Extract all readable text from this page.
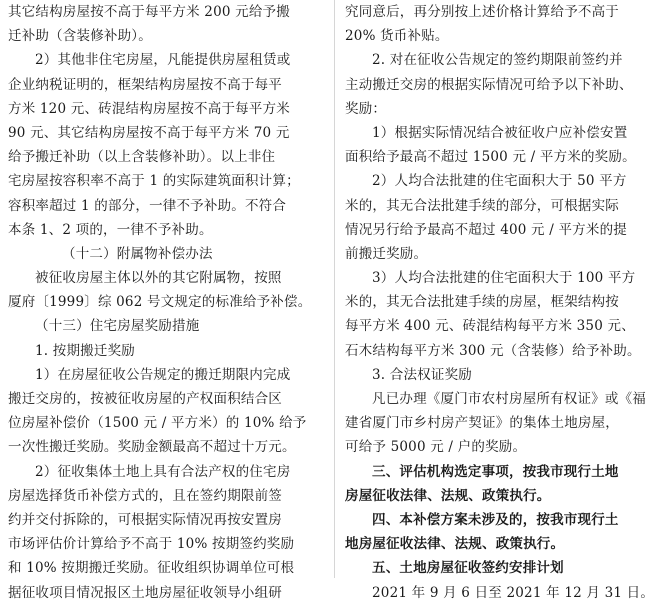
其它结构房屋按不高于每平方米 200 元给予搬
迁补助（含装修补助）。
2）其他非住宅房屋，凡能提供房屋租赁或
企业纳税证明的，框架结构房屋按不高于每平
方米 120 元、砖混结构房屋按不高于每平方米
90 元、其它结构房屋按不高于每平方米 70 元
给予搬迁补助（以上含装修补助）。以上非住
宅房屋按容积率不高于 1 的实际建筑面积计算；
容积率超过 1 的部分，一律不予补助。不符合
本条 1、2 项的，一律不予补助。
（十二）附属物补偿办法
被征收房屋主体以外的其它附属物，按照
厦府〔1999〕综 062 号文规定的标准给予补偿。
（十三）住宅房屋奖励措施
1. 按期搬迁奖励
1）在房屋征收公告规定的搬迁期限内完成
搬迁交房的，按被征收房屋的产权面积结合区
位房屋补偿价（1500 元 / 平方米）的 10% 给予
一次性搬迁奖励。奖励金额最高不超过十万元。
2）征收集体土地上具有合法产权的住宅房
房屋选择货币补偿方式的，且在签约期限前签
约并交付拆除的，可根据实际情况再按安置房
市场评估价计算给予不高于 10% 按期签约奖励
和 10% 按期搬迁奖励。征收组织协调单位可根
据征收项目情况报区土地房屋征收领导小组研
究同意后，再分别按上述价格计算给予不高于
20% 货币补贴。
2. 对在征收公告规定的签约期限前签约并
主动搬迁交房的根据实际情况可给予以下补助、
奖励：
1）根据实际情况结合被征收户应补偿安置
面积给予最高不超过 1500 元 / 平方米的奖励。
2）人均合法批建的住宅面积大于 50 平方
米的，其无合法批建手续的部分，可根据实际
情况另行给予最高不超过 400 元 / 平方米的提
前搬迁奖励。
3）人均合法批建的住宅面积大于 100 平方
米的，其无合法批建手续的房屋，框架结构按
每平方米 400 元、砖混结构每平方米 350 元、
石木结构每平方米 300 元（含装修）给予补助。
3. 合法权证奖励
凡已办理《厦门市农村房屋所有权证》或《福
建省厦门市乡村房产契证》的集体土地房屋，
可给予 5000 元 / 户的奖励。
三、评估机构选定事项，按我市现行土地
房屋征收法律、法规、政策执行。
四、本补偿方案未涉及的，按我市现行土
地房屋征收法律、法规、政策执行。
五、土地房屋征收签约安排计划
2021 年 9 月 6 日至 2021 年 12 月 31 日。
